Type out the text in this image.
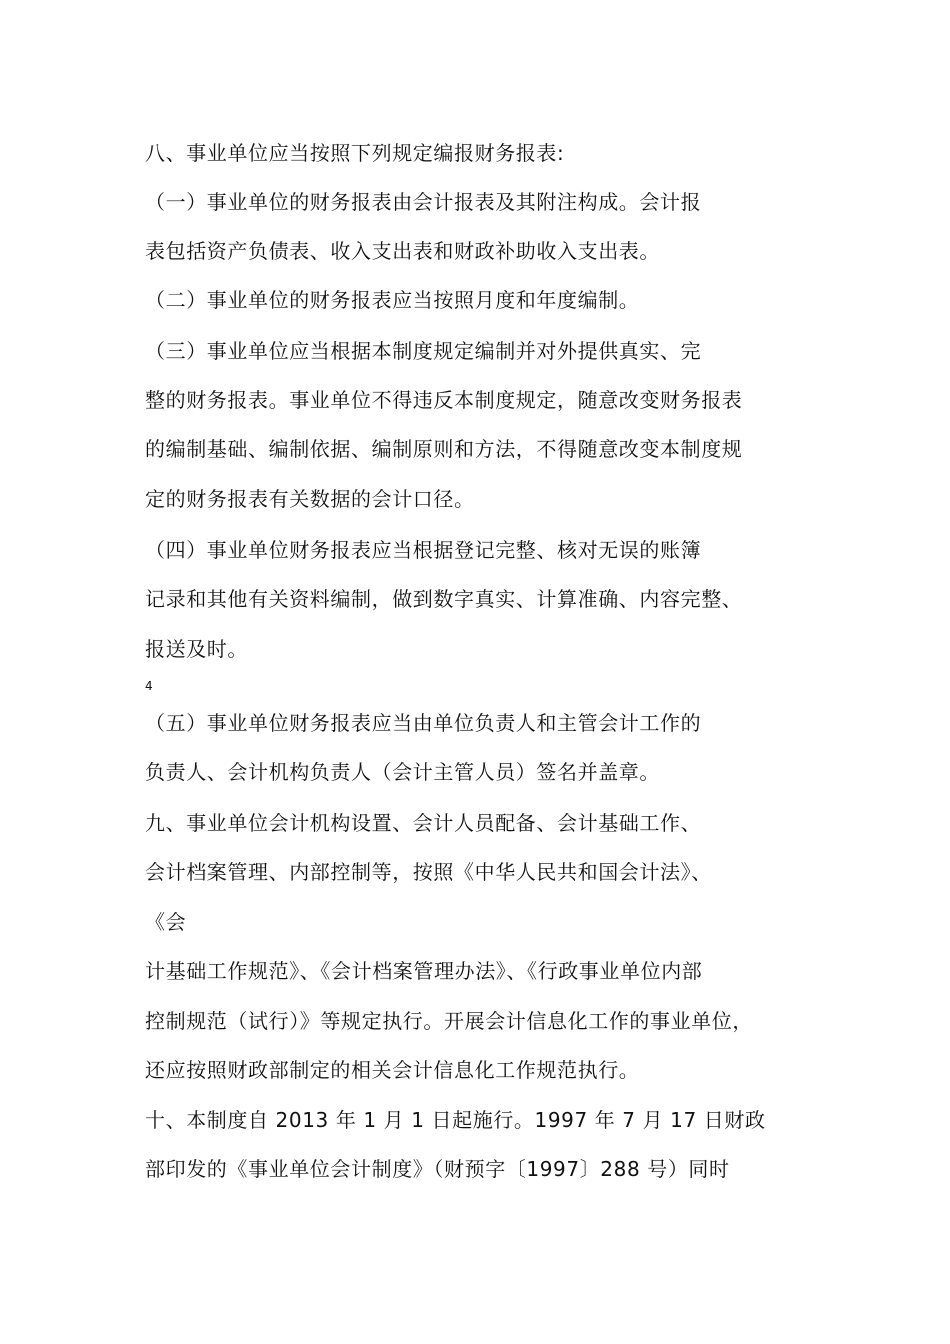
八、事业单位应当按照下列规定编报财务报表:

（一）事业单位的财务报表由会计报表及其附注构成。会计报

表包括资产负债表、收入支出表和财政补助收入支出表。

（二）事业单位的财务报表应当按照月度和年度编制。

（三）事业单位应当根据本制度规定编制并对外提供真实、完

整的财务报表。事业单位不得违反本制度规定，随意改变财务报表

的编制基础、编制依据、编制原则和方法，不得随意改变本制度规

定的财务报表有关数据的会计口径。

（四）事业单位财务报表应当根据登记完整、核对无误的账簿

记录和其他有关资料编制，做到数字真实、计算准确、内容完整、

报送及时。

4

（五）事业单位财务报表应当由单位负责人和主管会计工作的

负责人、会计机构负责人（会计主管人员）签名并盖章。

九、事业单位会计机构设置、会计人员配备、会计基础工作、

会计档案管理、内部控制等，按照《中华人民共和国会计法》、

《会

计基础工作规范》、《会计档案管理办法》、《行政事业单位内部

控制规范（试行）》等规定执行。开展会计信息化工作的事业单位，

还应按照财政部制定的相关会计信息化工作规范执行。

十、本制度自 2013 年 1 月 1 日起施行。1997 年 7 月 17 日财政

部印发的《事业单位会计制度》（财预字〔1997〕288 号）同时
